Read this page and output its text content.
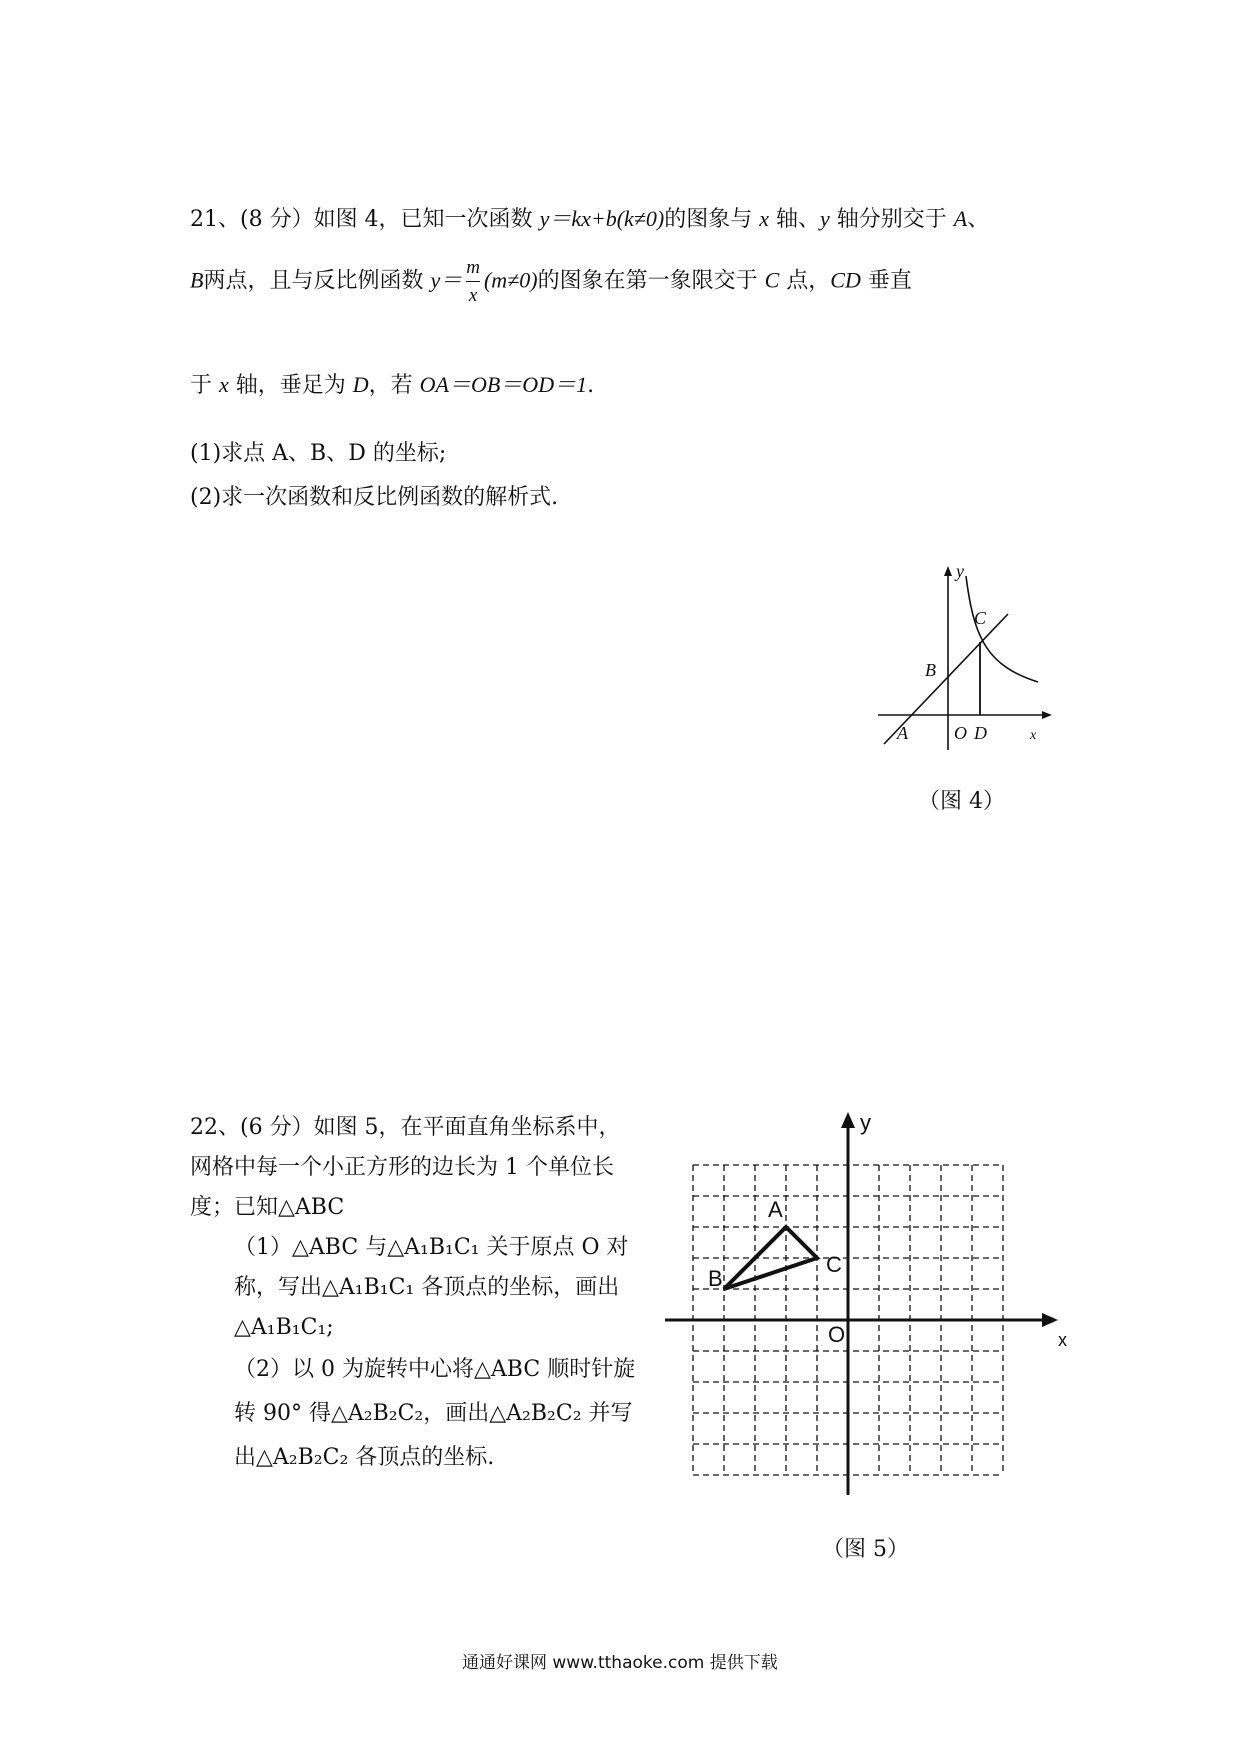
21、(8 分）如图 4，已知一次函数 y＝kx+b(k≠0)的图象与 x 轴、y 轴分别交于 A、
B两点，且与反比例函数 $y= \frac{m}{x} (m\ne 0)$的图象在第一象限交于 C 点，CD 垂直
于 x 轴，垂足为 D，若 OA＝OB＝OD＝1.
(1)求点 A、B、D 的坐标;
(2)求一次函数和反比例函数的解析式.
y
C
B
A	O D	x
（图 4）
22、(6 分）如图 5，在平面直角坐标系中，网格中每一个小正方形的边长为 1 个单位长度；已知△ABC
（1）△ABC 与△A₁B₁C₁ 关于原点 O 对称，写出△A₁B₁C₁ 各顶点的坐标，画出△A₁B₁C₁;
（2）以 0 为旋转中心将△ABC 顺时针旋转 90° 得△A₂B₂C₂，画出△A₂B₂C₂ 并写出△A₂B₂C₂ 各顶点的坐标.
y
x
O
A
B
C
（图 5）
通通好课网 www.tthaoke.com 提供下载
